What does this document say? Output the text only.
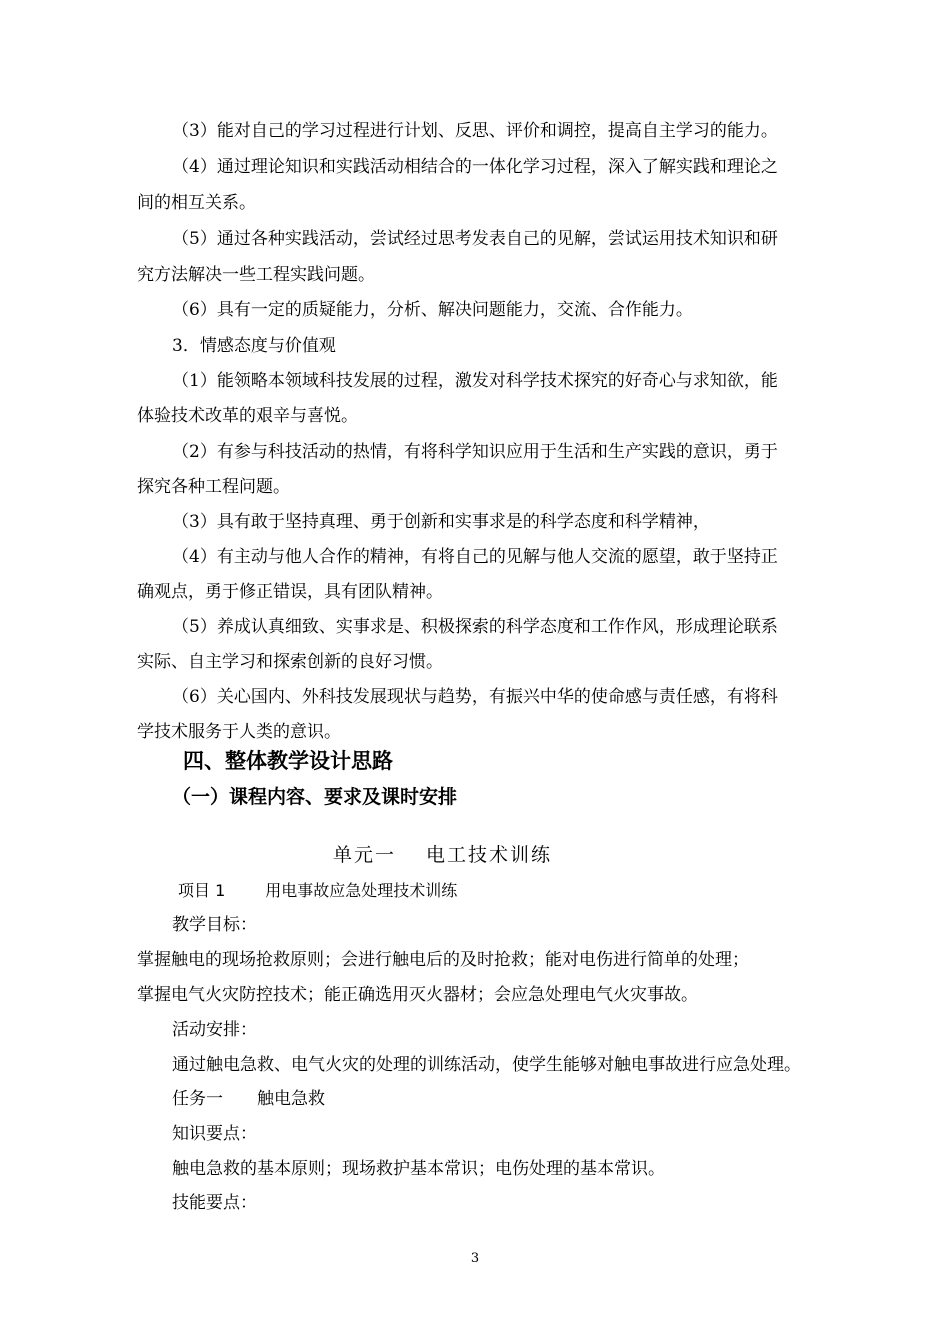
（3）能对自己的学习过程进行计划、反思、评价和调控，提高自主学习的能力。
（4）通过理论知识和实践活动相结合的一体化学习过程，深入了解实践和理论之
间的相互关系。
（5）通过各种实践活动，尝试经过思考发表自己的见解，尝试运用技术知识和研
究方法解决一些工程实践问题。
（6）具有一定的质疑能力，分析、解决问题能力，交流、合作能力。
3．情感态度与价值观
（1）能领略本领域科技发展的过程，激发对科学技术探究的好奇心与求知欲，能
体验技术改革的艰辛与喜悦。
（2）有参与科技活动的热情，有将科学知识应用于生活和生产实践的意识，勇于
探究各种工程问题。
（3）具有敢于坚持真理、勇于创新和实事求是的科学态度和科学精神，
（4）有主动与他人合作的精神，有将自己的见解与他人交流的愿望，敢于坚持正
确观点，勇于修正错误，具有团队精神。
（5）养成认真细致、实事求是、积极探索的科学态度和工作作风，形成理论联系
实际、自主学习和探索创新的良好习惯。
（6）关心国内、外科技发展现状与趋势，有振兴中华的使命感与责任感，有将科
学技术服务于人类的意识。
四、整体教学设计思路
（一）课程内容、要求及课时安排
单元一 电工技术训练
项目 1	用电事故应急处理技术训练
教学目标：
掌握触电的现场抢救原则；会进行触电后的及时抢救；能对电伤进行简单的处理；
掌握电气火灾防控技术；能正确选用灭火器材；会应急处理电气火灾事故。
活动安排：
通过触电急救、电气火灾的处理的训练活动，使学生能够对触电事故进行应急处理。
任务一 触电急救
知识要点：
触电急救的基本原则；现场救护基本常识；电伤处理的基本常识。
技能要点：
3
